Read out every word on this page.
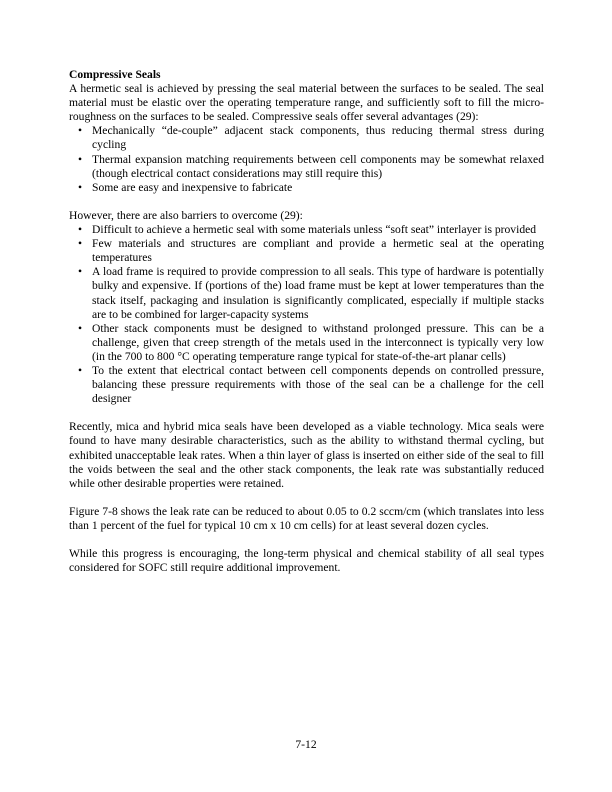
Compressive Seals

A hermetic seal is achieved by pressing the seal material between the surfaces to be sealed. The seal material must be elastic over the operating temperature range, and sufficiently soft to fill the micro-roughness on the surfaces to be sealed. Compressive seals offer several advantages (29):

• Mechanically “de-couple” adjacent stack components, thus reducing thermal stress during cycling
• Thermal expansion matching requirements between cell components may be somewhat relaxed (though electrical contact considerations may still require this)
• Some are easy and inexpensive to fabricate

However, there are also barriers to overcome (29):

• Difficult to achieve a hermetic seal with some materials unless “soft seat” interlayer is provided
• Few materials and structures are compliant and provide a hermetic seal at the operating temperatures
• A load frame is required to provide compression to all seals. This type of hardware is potentially bulky and expensive. If (portions of the) load frame must be kept at lower temperatures than the stack itself, packaging and insulation is significantly complicated, especially if multiple stacks are to be combined for larger-capacity systems
• Other stack components must be designed to withstand prolonged pressure. This can be a challenge, given that creep strength of the metals used in the interconnect is typically very low (in the 700 to 800 °C operating temperature range typical for state-of-the-art planar cells)
• To the extent that electrical contact between cell components depends on controlled pressure, balancing these pressure requirements with those of the seal can be a challenge for the cell designer

Recently, mica and hybrid mica seals have been developed as a viable technology. Mica seals were found to have many desirable characteristics, such as the ability to withstand thermal cycling, but exhibited unacceptable leak rates. When a thin layer of glass is inserted on either side of the seal to fill the voids between the seal and the other stack components, the leak rate was substantially reduced while other desirable properties were retained.

Figure 7-8 shows the leak rate can be reduced to about 0.05 to 0.2 sccm/cm (which translates into less than 1 percent of the fuel for typical 10 cm x 10 cm cells) for at least several dozen cycles.

While this progress is encouraging, the long-term physical and chemical stability of all seal types considered for SOFC still require additional improvement.

7-12
